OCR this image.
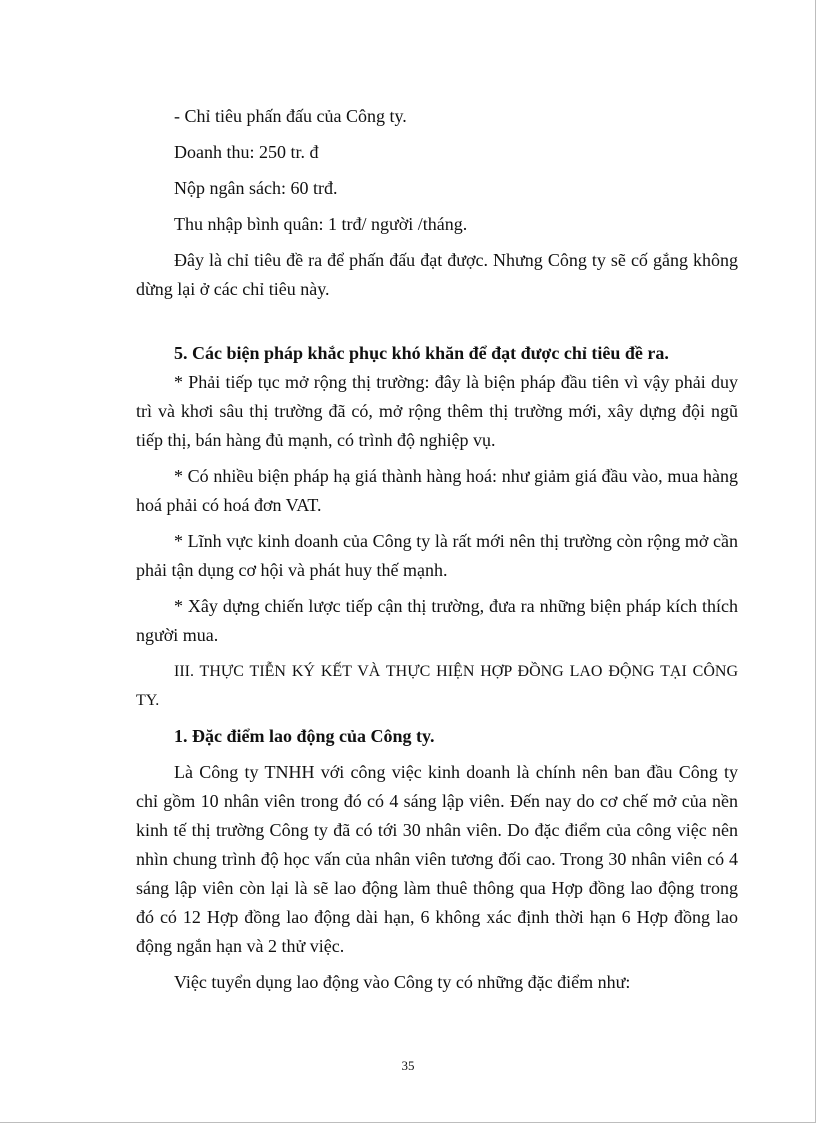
- Chỉ tiêu phấn đấu của Công ty.

Doanh thu: 250 tr. đ

Nộp ngân sách: 60 trđ.

Thu nhập bình quân: 1 trđ/ người /tháng.

Đây là chỉ tiêu đề ra để phấn đấu đạt được. Nhưng Công ty sẽ cố gắng không dừng lại ở các chỉ tiêu này.

5. Các biện pháp khắc phục khó khăn để đạt được chỉ tiêu đề ra.

* Phải tiếp tục mở rộng thị trường: đây là biện pháp đầu tiên vì vậy phải duy trì và khơi sâu thị trường đã có, mở rộng thêm thị trường mới, xây dựng đội ngũ tiếp thị, bán hàng đủ mạnh, có trình độ nghiệp vụ.

* Có nhiều biện pháp hạ giá thành hàng hoá: như giảm giá đầu vào, mua hàng hoá phải có hoá đơn VAT.

* Lĩnh vực kinh doanh của Công ty là rất mới nên thị trường còn rộng mở cần phải tận dụng cơ hội và phát huy thế mạnh.

* Xây dựng chiến lược tiếp cận thị trường, đưa ra những biện pháp kích thích người mua.

III. THỰC TIỄN KÝ KẾT VÀ THỰC HIỆN HỢP ĐỒNG LAO ĐỘNG TẠI CÔNG TY.

1. Đặc điểm lao động của Công ty.

Là Công ty TNHH với công việc kinh doanh là chính nên ban đầu Công ty chỉ gồm 10 nhân viên trong đó có 4 sáng lập viên. Đến nay do cơ chế mở của nền kinh tế thị trường Công ty đã có tới 30 nhân viên. Do đặc điểm của công việc nên nhìn chung trình độ học vấn của nhân viên tương đối cao. Trong 30 nhân viên có 4 sáng lập viên còn lại là sẽ lao động làm thuê thông qua Hợp đồng lao động trong đó có 12 Hợp đồng lao động dài hạn, 6 không xác định thời hạn 6 Hợp đồng lao động ngắn hạn và 2 thử việc.

Việc tuyển dụng lao động vào Công ty có những đặc điểm như:

35
